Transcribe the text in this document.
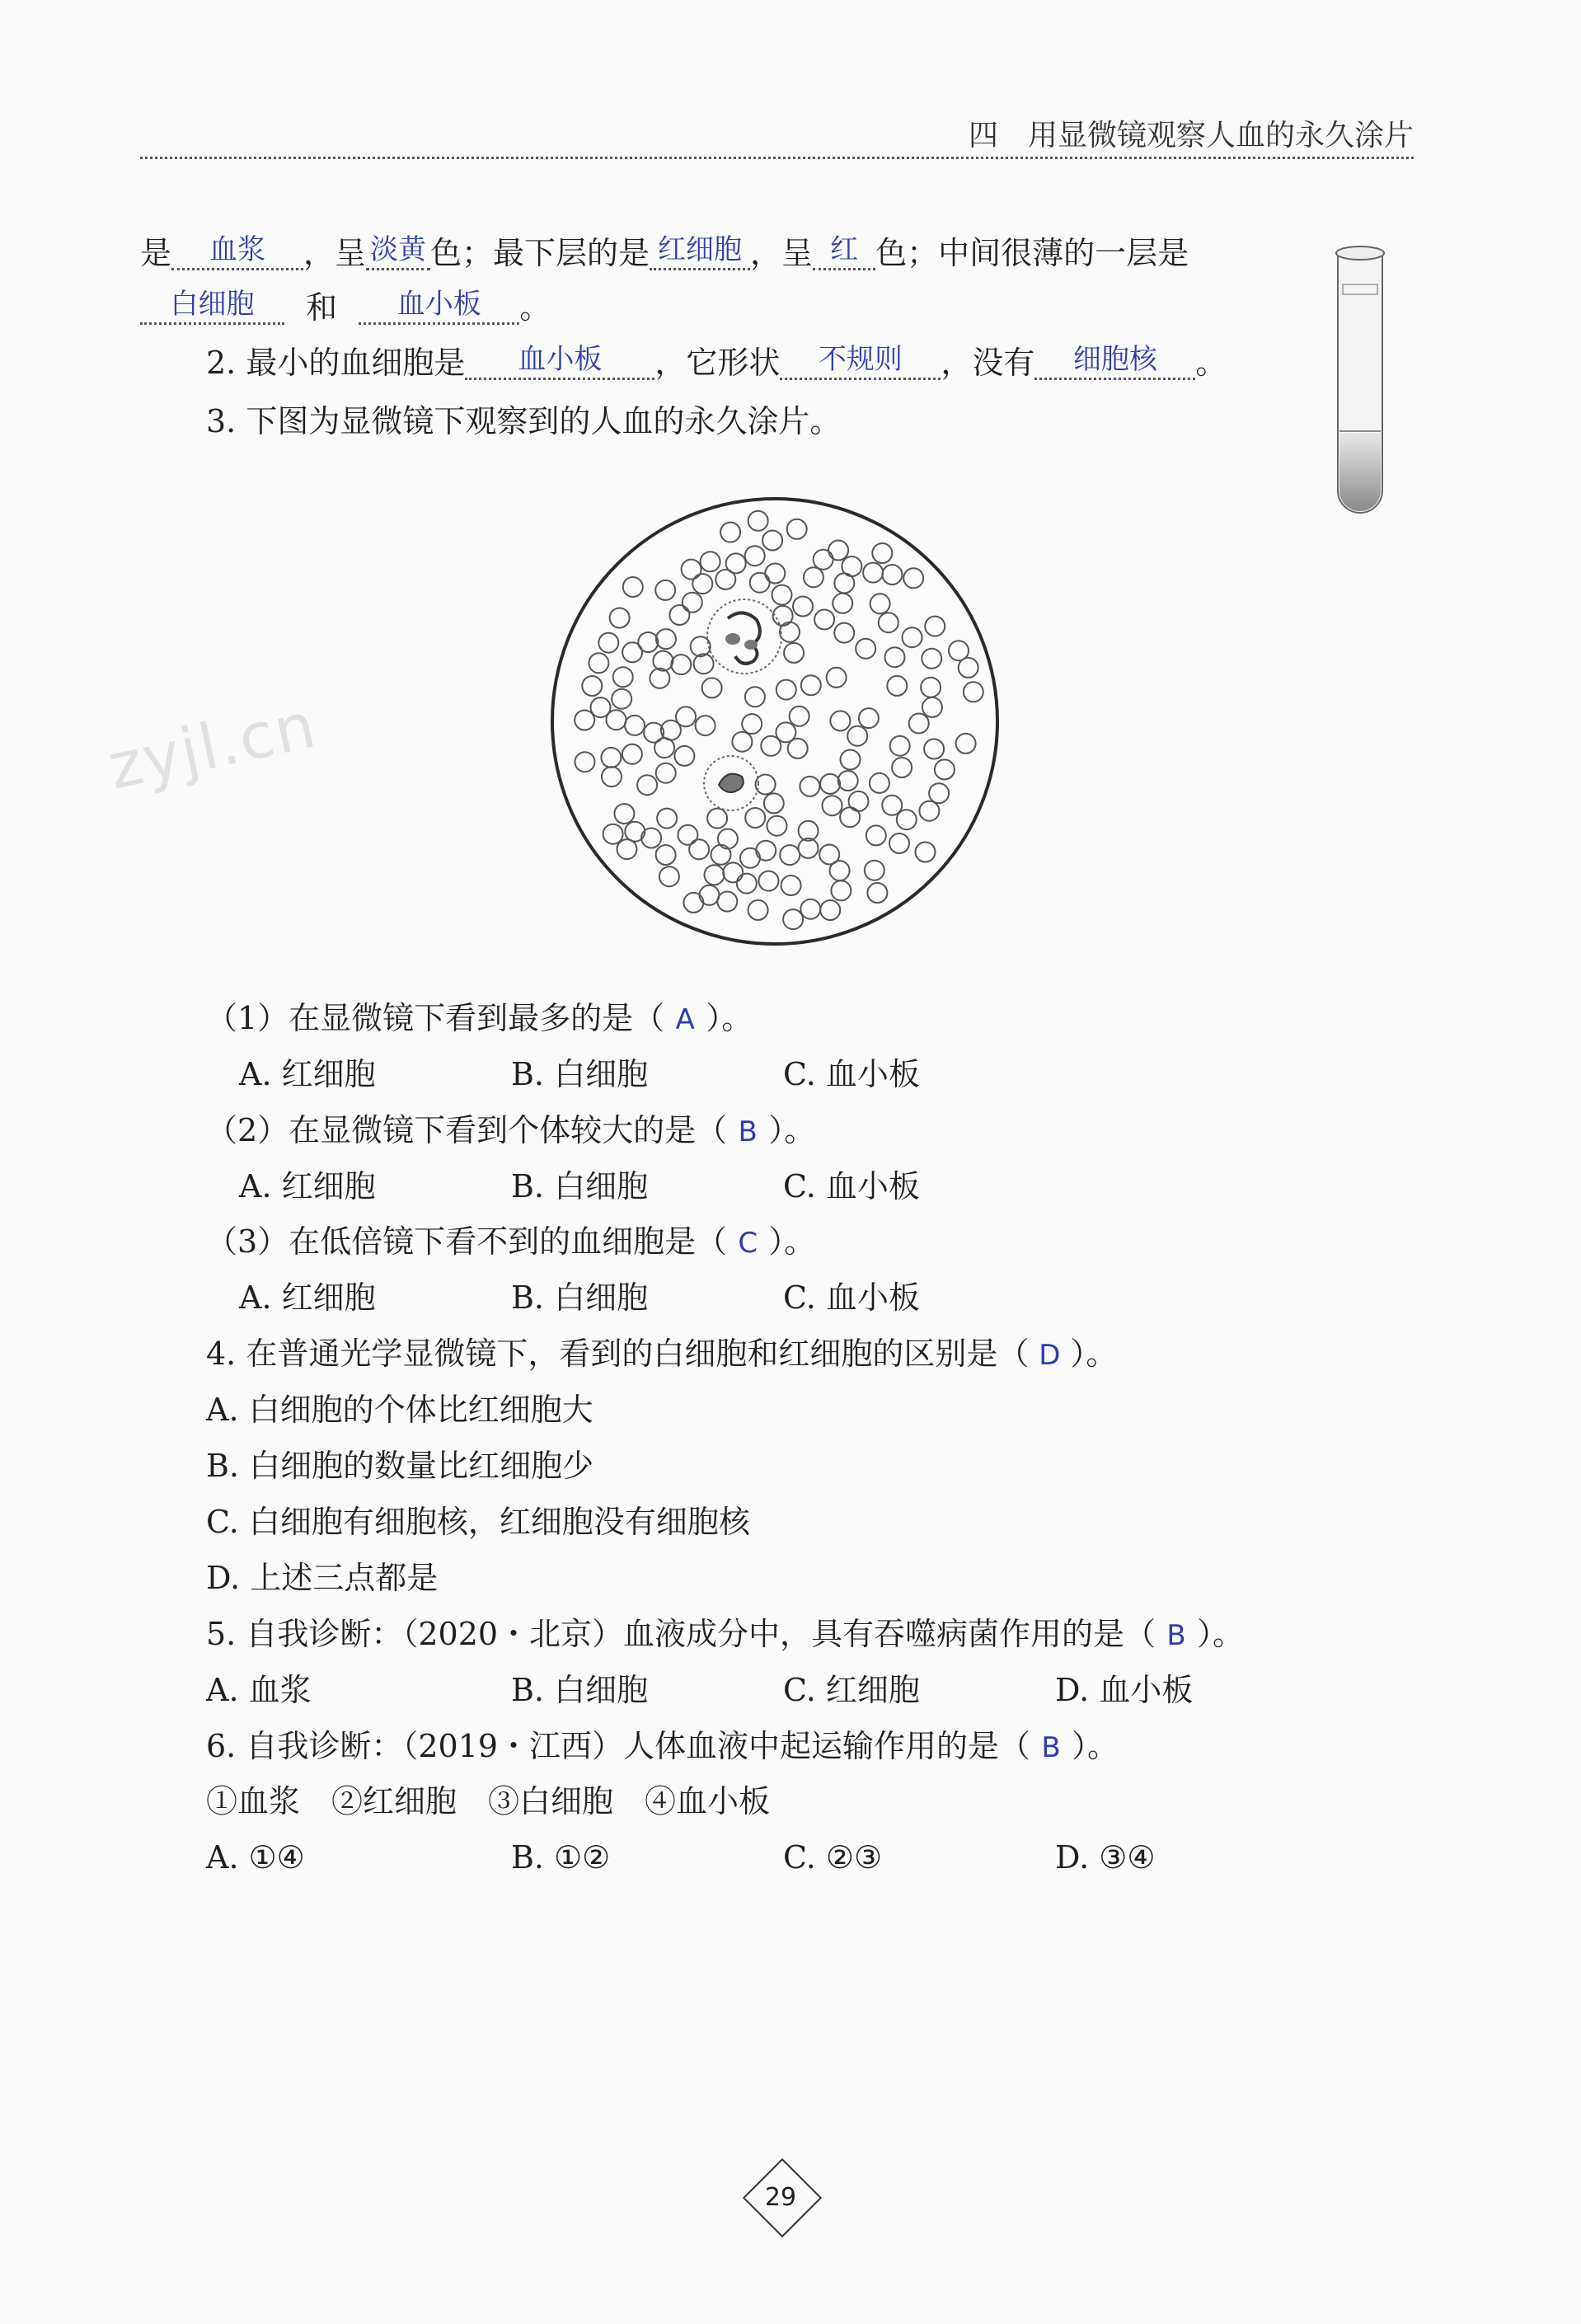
四　用显微镜观察人血的永久涂片
是 血浆 ，呈 淡黄 色；最下层的是 红细胞 ，呈 红 色；中间很薄的一层是
白细胞 和 血小板 。
2. 最小的血细胞是 血小板 ，它形状 不规则 ，没有 细胞核 。
3. 下图为显微镜下观察到的人血的永久涂片。
zyjl.cn
（1）在显微镜下看到最多的是（ A ）。
A. 红细胞	B. 白细胞	C. 血小板
（2）在显微镜下看到个体较大的是（ B ）。
A. 红细胞	B. 白细胞	C. 血小板
（3）在低倍镜下看不到的血细胞是（ C ）。
A. 红细胞	B. 白细胞	C. 血小板
4. 在普通光学显微镜下，看到的白细胞和红细胞的区别是（ D ）。
A. 白细胞的个体比红细胞大
B. 白细胞的数量比红细胞少
C. 白细胞有细胞核，红细胞没有细胞核
D. 上述三点都是
5. 自我诊断：（2020・北京）血液成分中，具有吞噬病菌作用的是（ B ）。
A. 血浆	B. 白细胞	C. 红细胞	D. 血小板
6. 自我诊断：（2019・江西）人体血液中起运输作用的是（ B ）。
①血浆　②红细胞　③白细胞　④血小板
A. ①④	B. ①②	C. ②③	D. ③④
29
